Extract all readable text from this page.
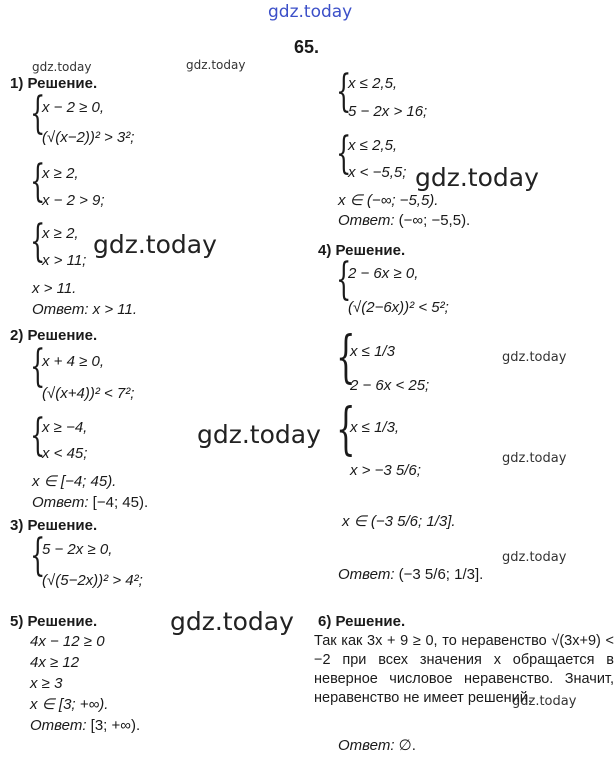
gdz.today
gdz.today	gdz.today
gdz.today
gdz.today
gdz.today
gdz.today
gdz.today
gdz.today
gdz.today
gdz.today
65.
1) Решение.
{
x − 2 ≥ 0,
(√(x−2))² > 3²;
{
x ≥ 2,
x − 2 > 9;
{
x ≥ 2,
x > 11;
x > 11.
Ответ: x > 11.
2) Решение.
{
x + 4 ≥ 0,
(√(x+4))² < 7²;
{
x ≥ −4,
x < 45;
x ∈ [−4; 45).
Ответ: [−4; 45).
3) Решение.
{
5 − 2x ≥ 0,
(√(5−2x))² > 4²;
{
x ≤ 2,5,
5 − 2x > 16;
{
x ≤ 2,5,
x < −5,5;
x ∈ (−∞; −5,5).
Ответ: (−∞; −5,5).
4) Решение.
{
2 − 6x ≥ 0,
(√(2−6x))² < 5²;
{
x ≤ 1/3
2 − 6x < 25;
{
x ≤ 1/3,
x > −3 5/6;
x ∈ (−3 5/6; 1/3].
Ответ: (−3 5/6; 1/3].
5) Решение.
4x − 12 ≥ 0
4x ≥ 12
x ≥ 3
x ∈ [3; +∞).
Ответ: [3; +∞).
6) Решение.
Так как 3x + 9 ≥ 0, то неравенство √(3x+9) < −2 при всех значения x обращается в неверное числовое неравенство. Значит, неравенство не имеет решений.
Ответ: ∅.
